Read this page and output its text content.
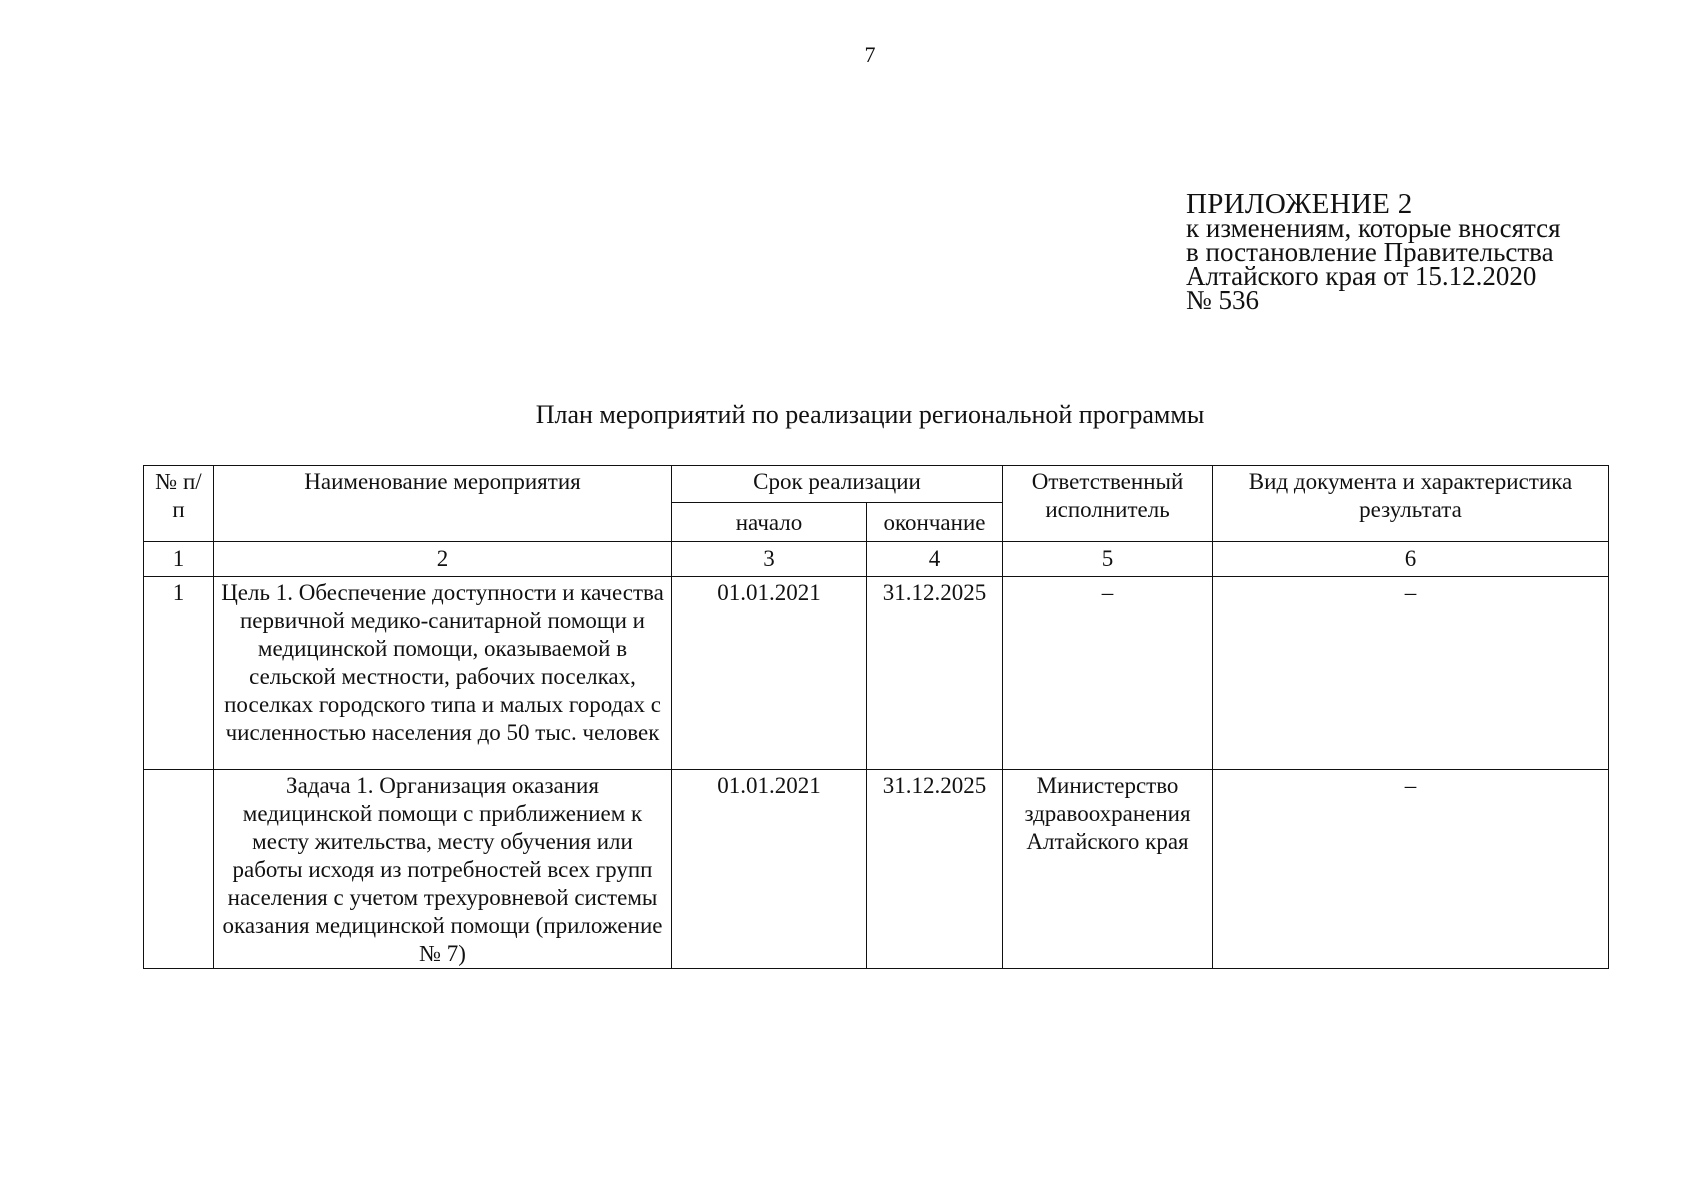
7
ПРИЛОЖЕНИЕ 2
к изменениям, которые вносятся
в постановление Правительства
Алтайского края от 15.12.2020
№ 536
План мероприятий по реализации региональной программы
№ п/п	Наименование мероприятия	Срок реализации		Ответственный исполнитель	Вид документа и характеристика результата
		начало	окончание		
1	2	3	4	5	6
1	Цель 1. Обеспечение доступности и качества первичной медико-санитарной помощи и медицинской помощи, оказываемой в сельской местности, рабочих поселках, поселках городского типа и малых городах с численностью населения до 50 тыс. человек	01.01.2021	31.12.2025	–	–
	Задача 1. Организация оказания медицинской помощи с приближением к месту жительства, месту обучения или работы исходя из потребностей всех групп населения с учетом трехуровневой системы оказания медицинской помощи (приложение № 7)	01.01.2021	31.12.2025	Министерство здравоохранения Алтайского края	–
